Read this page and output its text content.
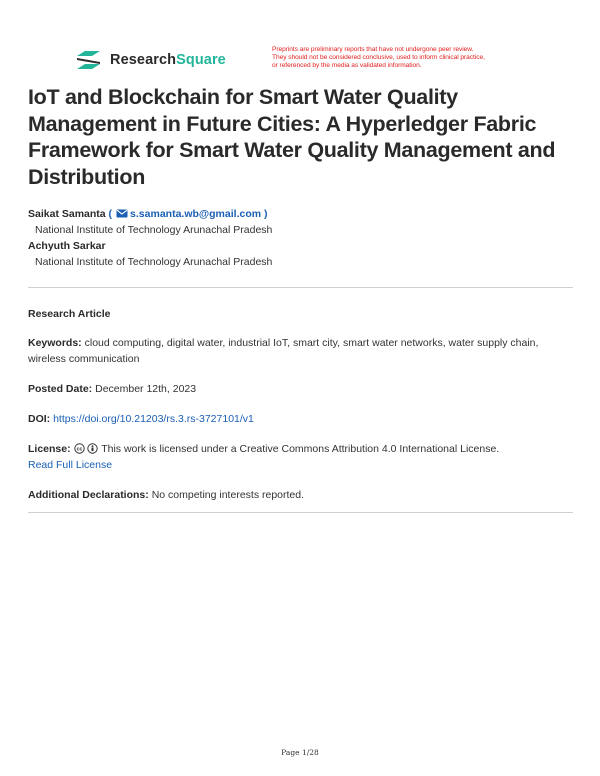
ResearchSquare
Preprints are preliminary reports that have not undergone peer review.
They should not be considered conclusive, used to inform clinical practice,
or referenced by the media as validated information.
IoT and Blockchain for Smart Water Quality Management in Future Cities: A Hyperledger Fabric Framework for Smart Water Quality Management and Distribution
Saikat Samanta ( s.samanta.wb@gmail.com )
National Institute of Technology Arunachal Pradesh
Achyuth Sarkar
National Institute of Technology Arunachal Pradesh
Research Article
Keywords: cloud computing, digital water, industrial IoT, smart city, smart water networks, water supply chain, wireless communication
Posted Date: December 12th, 2023
DOI: https://doi.org/10.21203/rs.3.rs-3727101/v1
License: cc This work is licensed under a Creative Commons Attribution 4.0 International License.
Read Full License
Additional Declarations: No competing interests reported.
Page 1/28
